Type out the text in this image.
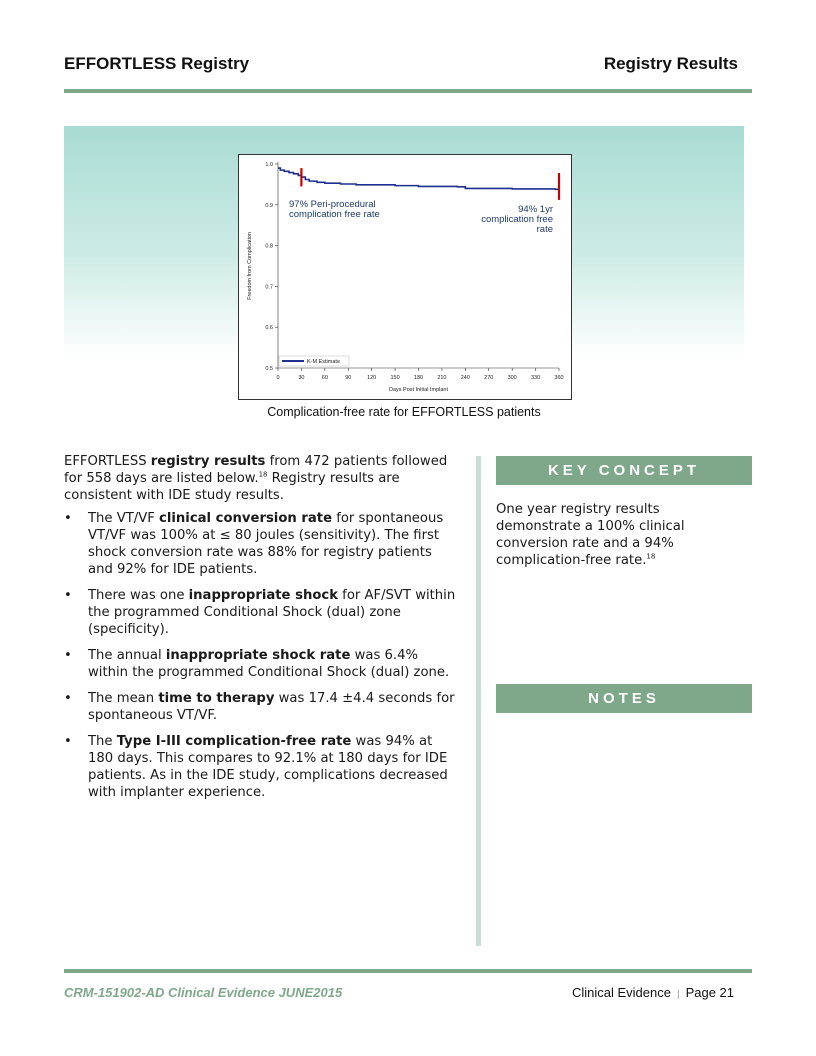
EFFORTLESS Registry	Registry Results
0.5
0.6
0.7
0.8
0.9
1.0
0	30	60	90	120	150	180	210	240	270	300	330	360
Freedom from Complication
Days Post Initial Implant
97% Peri-procedural
complication free rate	94% 1yr
complication free
rate
K-M Estimate
Complication-free rate for EFFORTLESS patients

EFFORTLESS registry results from 472 patients followed for 558 days are listed below.$^{18}$ Registry results are consistent with IDE study results.

• The VT/VF clinical conversion rate for spontaneous VT/VF was 100% at ≤ 80 joules (sensitivity). The first shock conversion rate was 88% for registry patients and 92% for IDE patients.
• There was one inappropriate shock for AF/SVT within the programmed Conditional Shock (dual) zone (specificity).
• The annual inappropriate shock rate was 6.4% within the programmed Conditional Shock (dual) zone.
• The mean time to therapy was 17.4 ±4.4 seconds for spontaneous VT/VF.
• The Type I-III complication-free rate was 94% at 180 days. This compares to 92.1% at 180 days for IDE patients. As in the IDE study, complications decreased with implanter experience.
KEY CONCEPT
One year registry results demonstrate a 100% clinical conversion rate and a 94% complication-free rate.$^{18}$
NOTES
CRM-151902-AD Clinical Evidence JUNE2015	Clinical Evidence | Page 21
